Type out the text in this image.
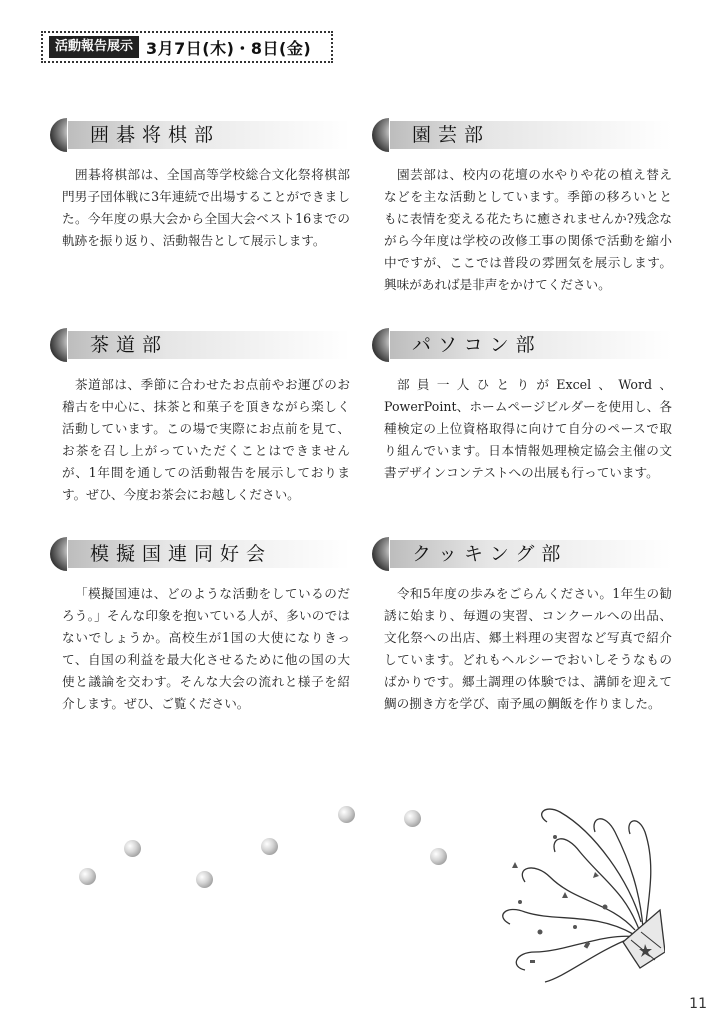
活動報告展示 3月7日(木)・8日(金)
囲碁将棋部
囲碁将棋部は、全国高等学校総合文化祭将棋部門男子団体戦に3年連続で出場することができました。今年度の県大会から全国大会ベスト16までの軌跡を振り返り、活動報告として展示します。
園芸部
園芸部は、校内の花壇の水やりや花の植え替えなどを主な活動としています。季節の移ろいとともに表情を変える花たちに癒されませんか?残念ながら今年度は学校の改修工事の関係で活動を縮小中ですが、ここでは普段の雰囲気を展示します。興味があれば是非声をかけてください。
茶道部
茶道部は、季節に合わせたお点前やお運びのお稽古を中心に、抹茶と和菓子を頂きながら楽しく活動しています。この場で実際にお点前を見て、お茶を召し上がっていただくことはできませんが、1年間を通しての活動報告を展示しております。ぜひ、今度お茶会にお越しください。
パソコン部
部員一人ひとりがExcel、Word、PowerPoint、ホームページビルダーを使用し、各種検定の上位資格取得に向けて自分のペースで取り組んでいます。日本情報処理検定協会主催の文書デザインコンテストへの出展も行っています。
模擬国連同好会
「模擬国連は、どのような活動をしているのだろう。」そんな印象を抱いている人が、多いのではないでしょうか。高校生が1国の大使になりきって、自国の利益を最大化させるために他の国の大使と議論を交わす。そんな大会の流れと様子を紹介します。ぜひ、ご覧ください。
クッキング部
令和5年度の歩みをごらんください。1年生の勧誘に始まり、毎週の実習、コンクールへの出品、文化祭への出店、郷土料理の実習など写真で紹介しています。どれもヘルシーでおいしそうなものばかりです。郷土調理の体験では、講師を迎えて鯛の捌き方を学び、南予風の鯛飯を作りました。
11
